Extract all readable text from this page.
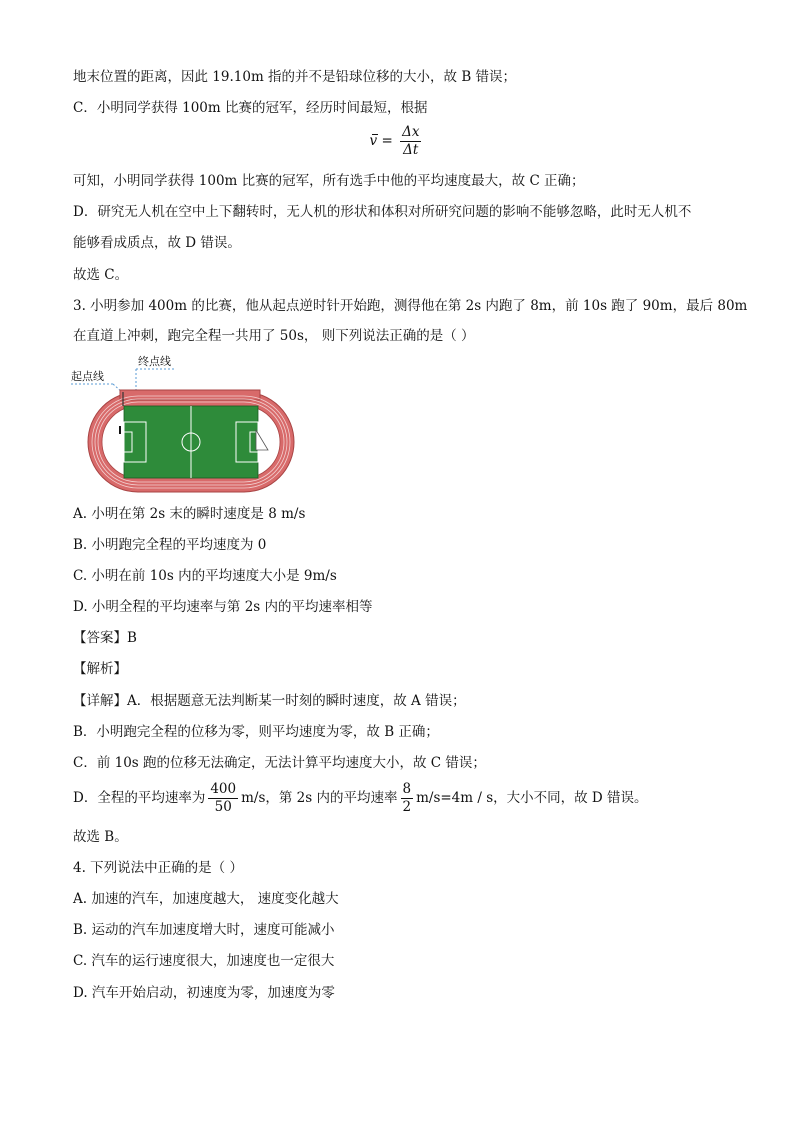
地末位置的距离，因此 19.10m 指的并不是铅球位移的大小，故 B 错误；
C．小明同学获得 100m 比赛的冠军，经历时间最短，根据
$v = \frac{\Delta x}{\Delta t}$
可知，小明同学获得 100m 比赛的冠军，所有选手中他的平均速度最大，故 C 正确；
D．研究无人机在空中上下翻转时，无人机的形状和体积对所研究问题的影响不能够忽略，此时无人机不
能够看成质点，故 D 错误。
故选 C。
3. 小明参加 400m 的比赛，他从起点逆时针开始跑，测得他在第 2s 内跑了 8m，前 10s 跑了 90m，最后 80m
在直道上冲刺，跑完全程一共用了 50s， 则下列说法正确的是（ ）
起点线
终点线
A. 小明在第 2s 末的瞬时速度是 8 m/s
B. 小明跑完全程的平均速度为 0
C. 小明在前 10s 内的平均速度大小是 9m/s
D. 小明全程的平均速率与第 2s 内的平均速率相等
【答案】B
【解析】
【详解】A．根据题意无法判断某一时刻的瞬时速度，故 A 错误；
B．小明跑完全程的位移为零，则平均速度为零，故 B 正确；
C．前 10s 跑的位移无法确定，无法计算平均速度大小，故 C 错误；
D．全程的平均速率为 $\frac{400}{50} m/s$，第 2s 内的平均速率 $\frac{8}{2} m/s=4m / s$，大小不同，故 D 错误。
故选 B。
4. 下列说法中正确的是（ ）
A. 加速的汽车，加速度越大， 速度变化越大
B. 运动的汽车加速度增大时，速度可能减小
C. 汽车的运行速度很大，加速度也一定很大
D. 汽车开始启动，初速度为零，加速度为零
